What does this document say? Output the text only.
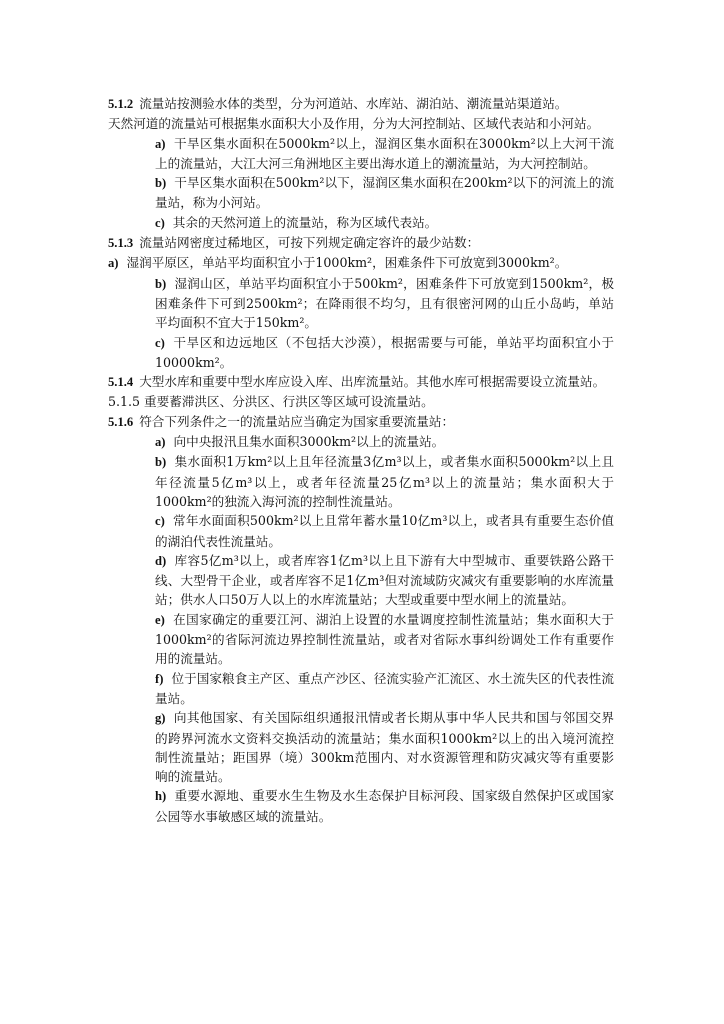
5.1.2 流量站按测验水体的类型，分为河道站、水库站、湖泊站、潮流量站渠道站。

天然河道的流量站可根据集水面积大小及作用，分为大河控制站、区域代表站和小河站。

a) 干旱区集水面积在5000km²以上，湿润区集水面积在3000km²以上大河干流上的流量站，大江大河三角洲地区主要出海水道上的潮流量站，为大河控制站。

b) 干旱区集水面积在500km²以下，湿润区集水面积在200km²以下的河流上的流量站，称为小河站。

c) 其余的天然河道上的流量站，称为区域代表站。

5.1.3 流量站网密度过稀地区，可按下列规定确定容许的最少站数：

a) 湿润平原区，单站平均面积宜小于1000km²，困难条件下可放宽到3000km²。

b) 湿润山区，单站平均面积宜小于500km²，困难条件下可放宽到1500km²，极困难条件下可到2500km²；在降雨很不均匀，且有很密河网的山丘小岛屿，单站平均面积不宜大于150km²。

c) 干旱区和边远地区（不包括大沙漠），根据需要与可能，单站平均面积宜小于10000km²。

5.1.4 大型水库和重要中型水库应设入库、出库流量站。其他水库可根据需要设立流量站。

5.1.5 重要蓄滞洪区、分洪区、行洪区等区域可设流量站。

5.1.6 符合下列条件之一的流量站应当确定为国家重要流量站：

a) 向中央报汛且集水面积3000km²以上的流量站。

b) 集水面积1万km²以上且年径流量3亿m³以上，或者集水面积5000km²以上且年径流量5亿m³以上，或者年径流量25亿m³以上的流量站；集水面积大于1000km²的独流入海河流的控制性流量站。

c) 常年水面面积500km²以上且常年蓄水量10亿m³以上，或者具有重要生态价值的湖泊代表性流量站。

d) 库容5亿m³以上，或者库容1亿m³以上且下游有大中型城市、重要铁路公路干线、大型骨干企业，或者库容不足1亿m³但对流域防灾减灾有重要影响的水库流量站；供水人口50万人以上的水库流量站；大型或重要中型水闸上的流量站。

e) 在国家确定的重要江河、湖泊上设置的水量调度控制性流量站；集水面积大于1000km²的省际河流边界控制性流量站，或者对省际水事纠纷调处工作有重要作用的流量站。

f) 位于国家粮食主产区、重点产沙区、径流实验产汇流区、水土流失区的代表性流量站。

g) 向其他国家、有关国际组织通报汛情或者长期从事中华人民共和国与邻国交界的跨界河流水文资料交换活动的流量站；集水面积1000km²以上的出入境河流控制性流量站；距国界（境）300km范围内、对水资源管理和防灾减灾等有重要影响的流量站。

h) 重要水源地、重要水生生物及水生态保护目标河段、国家级自然保护区或国家公园等水事敏感区域的流量站。
